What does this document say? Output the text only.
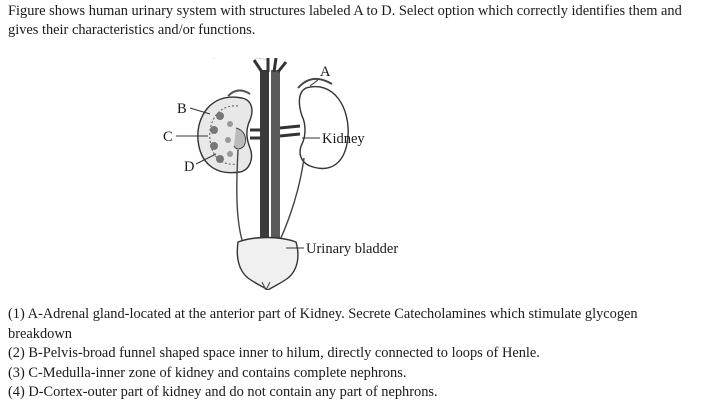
Figure shows human urinary system with structures labeled A to D. Select option which correctly identifies them and gives their characteristics and/or functions.
A
B
C
D
Kidney
Urinary bladder

(1) A-Adrenal gland-located at the anterior part of Kidney. Secrete Catecholamines which stimulate glycogen breakdown

(2) B-Pelvis-broad funnel shaped space inner to hilum, directly connected to loops of Henle.

(3) C-Medulla-inner zone of kidney and contains complete nephrons.

(4) D-Cortex-outer part of kidney and do not contain any part of nephrons.
